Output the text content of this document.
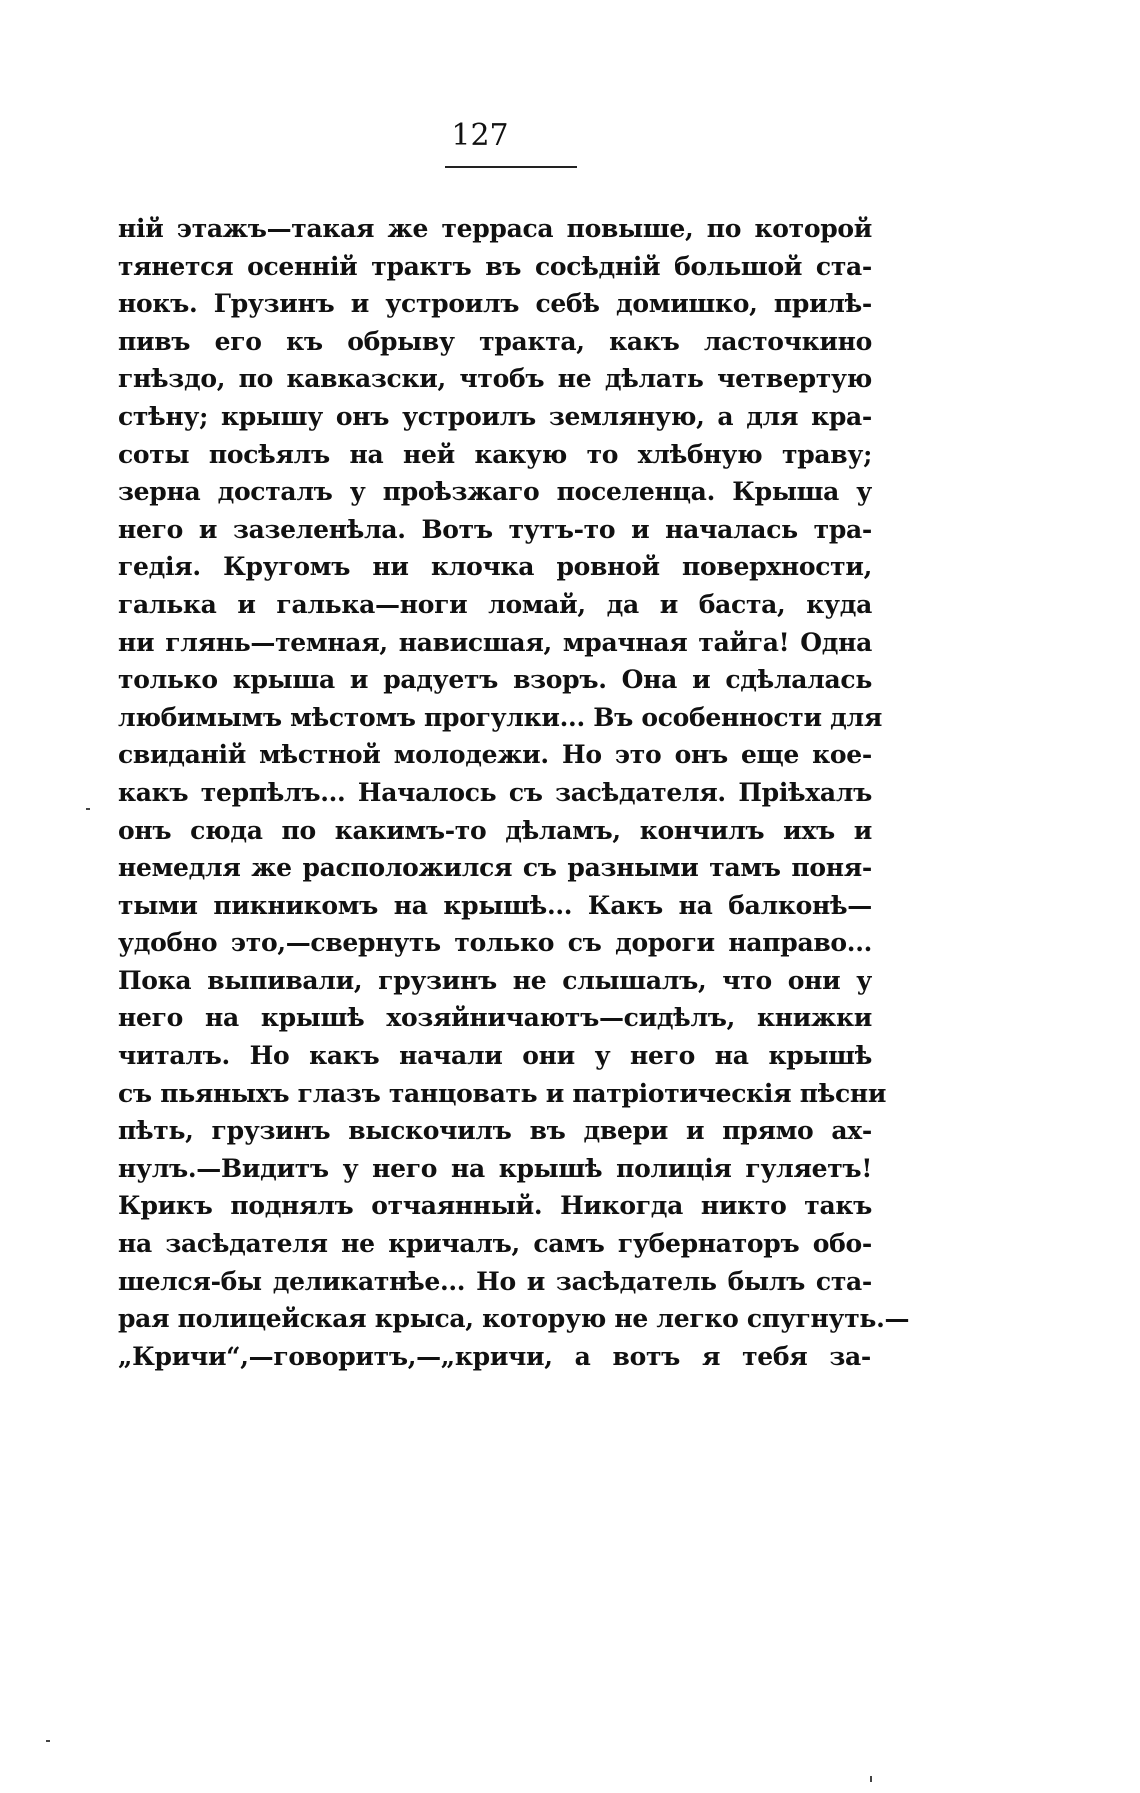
127
ній этажъ—такая же терраса повыше, по которой
тянется осенній трактъ въ сосѣдній большой ста-
нокъ. Грузинъ и устроилъ себѣ домишко, прилѣ-
пивъ его къ обрыву тракта, какъ ласточкино
гнѣздо, по кавказски, чтобъ не дѣлать четвертую
стѣну; крышу онъ устроилъ земляную, а для кра-
соты посѣялъ на ней какую то хлѣбную траву;
зерна досталъ у проѣзжаго поселенца. Крыша у
него и зазеленѣла. Вотъ тутъ-то и началась тра-
гедія. Кругомъ ни клочка ровной поверхности,
галька и галька—ноги ломай, да и баста, куда
ни глянь—темная, нависшая, мрачная тайга! Одна
только крыша и радуетъ взоръ. Она и сдѣлалась
любимымъ мѣстомъ прогулки... Въ особенности для
свиданій мѣстной молодежи. Но это онъ еще кое-
какъ терпѣлъ... Началось съ засѣдателя. Пріѣхалъ
онъ сюда по какимъ-то дѣламъ, кончилъ ихъ и
немедля же расположился съ разными тамъ поня-
тыми пикникомъ на крышѣ... Какъ на балконѣ—
удобно это,—свернуть только съ дороги направо...
Пока выпивали, грузинъ не слышалъ, что они у
него на крышѣ хозяйничаютъ—сидѣлъ, книжки
читалъ. Но какъ начали они у него на крышѣ
съ пьяныхъ глазъ танцовать и патріотическія пѣсни
пѣть, грузинъ выскочилъ въ двери и прямо ах-
нулъ.—Видитъ у него на крышѣ полиція гуляетъ!
Крикъ поднялъ отчаянный. Никогда никто такъ
на засѣдателя не кричалъ, самъ губернаторъ обо-
шелся-бы деликатнѣе... Но и засѣдатель былъ ста-
рая полицейская крыса, которую не легко спугнуть.—
„Кричи“,—говоритъ,—„кричи, а вотъ я тебя за-
